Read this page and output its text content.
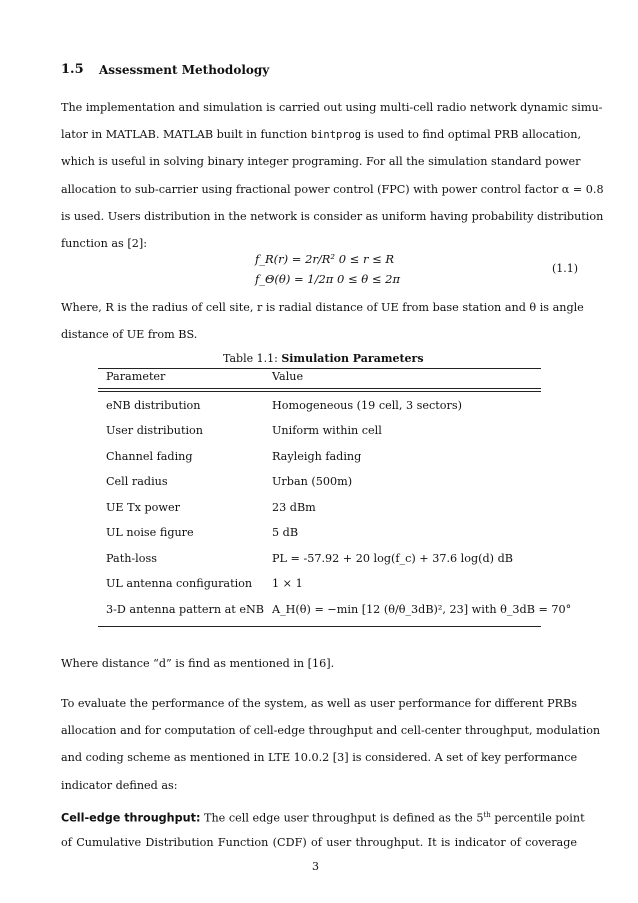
1.5 Assessment Methodology
The implementation and simulation is carried out using multi-cell radio network dynamic simu-
lator in MATLAB. MATLAB built in function bintprog is used to find optimal PRB allocation,
which is useful in solving binary integer programing. For all the simulation standard power
allocation to sub-carrier using fractional power control (FPC) with power control factor α = 0.8
is used. Users distribution in the network is consider as uniform having probability distribution
function as [2]:
f_R(r) = 2r/R² 0 ≤ r ≤ R
f_Θ(θ) = 1/2π 0 ≤ θ ≤ 2π
(1.1)
Where, R is the radius of cell site, r is radial distance of UE from base station and θ is angle
distance of UE from BS.
Table 1.1: Simulation Parameters
Parameter	Value
eNB distribution	Homogeneous (19 cell, 3 sectors)
User distribution	Uniform within cell
Channel fading	Rayleigh fading
Cell radius	Urban (500m)
UE Tx power	23 dBm
UL noise figure	5 dB
Path-loss	PL = -57.92 + 20 log(f_c) + 37.6 log(d) dB
UL antenna configuration 1 × 1
3-D antenna pattern at eNB A_H(θ) = −min [12 (θ/θ_3dB)², 23] with θ_3dB = 70°
Where distance “d” is find as mentioned in [16].
To evaluate the performance of the system, as well as user performance for different PRBs
allocation and for computation of cell-edge throughput and cell-center throughput, modulation
and coding scheme as mentioned in LTE 10.0.2 [3] is considered. A set of key performance
indicator defined as:
Cell-edge throughput: The cell edge user throughput is defined as the 5th percentile point
of Cumulative Distribution Function (CDF) of user throughput. It is indicator of coverage
3
